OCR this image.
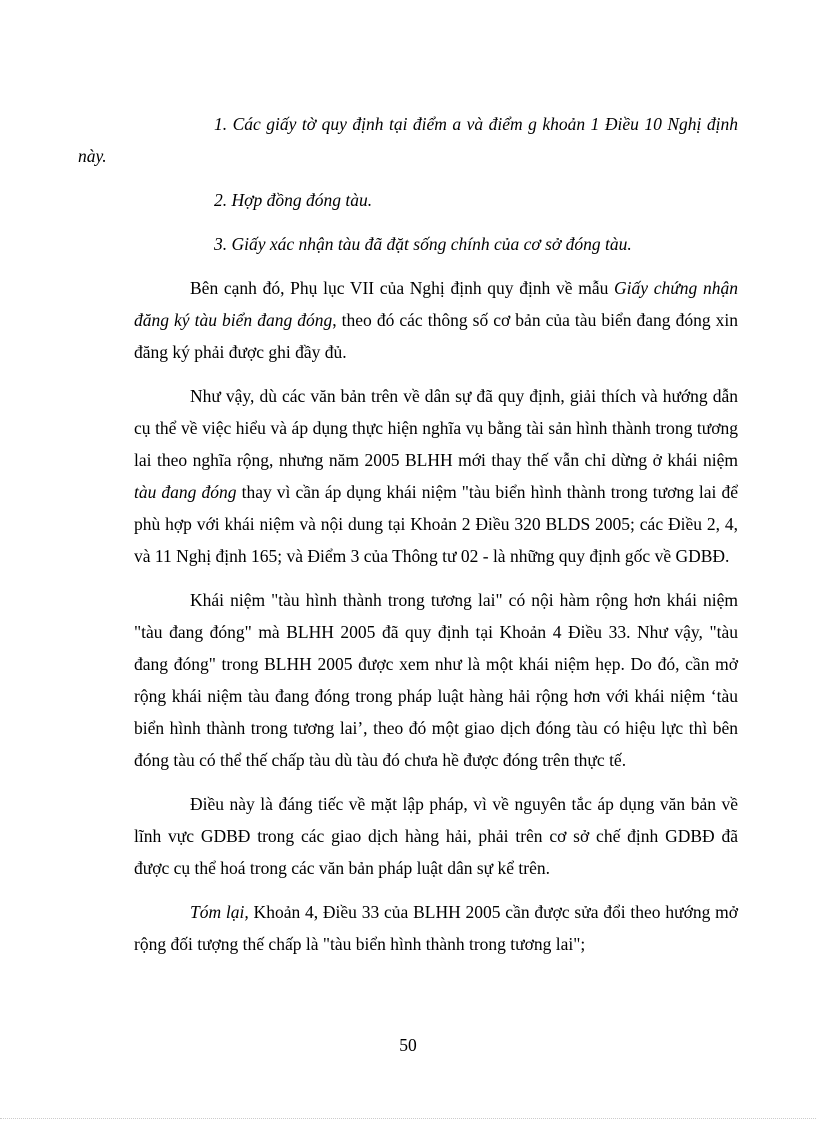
1. Các giấy tờ quy định tại điểm a và điểm g khoản 1 Điều 10 Nghị định này.

2. Hợp đồng đóng tàu.

3. Giấy xác nhận tàu đã đặt sống chính của cơ sở đóng tàu.

Bên cạnh đó, Phụ lục VII của Nghị định quy định về mẫu Giấy chứng nhận đăng ký tàu biển đang đóng, theo đó các thông số cơ bản của tàu biển đang đóng xin đăng ký phải được ghi đầy đủ.

Như vậy, dù các văn bản trên về dân sự đã quy định, giải thích và hướng dẫn cụ thể về việc hiểu và áp dụng thực hiện nghĩa vụ bằng tài sản hình thành trong tương lai theo nghĩa rộng, nhưng năm 2005 BLHH mới thay thế vẫn chỉ dừng ở khái niệm tàu đang đóng thay vì cần áp dụng khái niệm "tàu biển hình thành trong tương lai để phù hợp với khái niệm và nội dung tại Khoản 2 Điều 320 BLDS 2005; các Điều 2, 4, và 11 Nghị định 165; và Điểm 3 của Thông tư 02 - là những quy định gốc về GDBĐ.

Khái niệm "tàu hình thành trong tương lai" có nội hàm rộng hơn khái niệm "tàu đang đóng" mà BLHH 2005 đã quy định tại Khoản 4 Điều 33. Như vậy, "tàu đang đóng" trong BLHH 2005 được xem như là một khái niệm hẹp. Do đó, cần mở rộng khái niệm tàu đang đóng trong pháp luật hàng hải rộng hơn với khái niệm ‘tàu biển hình thành trong tương lai’, theo đó một giao dịch đóng tàu có hiệu lực thì bên đóng tàu có thể thế chấp tàu dù tàu đó chưa hề được đóng trên thực tế.

Điều này là đáng tiếc về mặt lập pháp, vì về nguyên tắc áp dụng văn bản về lĩnh vực GDBĐ trong các giao dịch hàng hải, phải trên cơ sở chế định GDBĐ đã được cụ thể hoá trong các văn bản pháp luật dân sự kể trên.

Tóm lại, Khoản 4, Điều 33 của BLHH 2005 cần được sửa đổi theo hướng mở rộng đối tượng thế chấp là "tàu biển hình thành trong tương lai";

50
